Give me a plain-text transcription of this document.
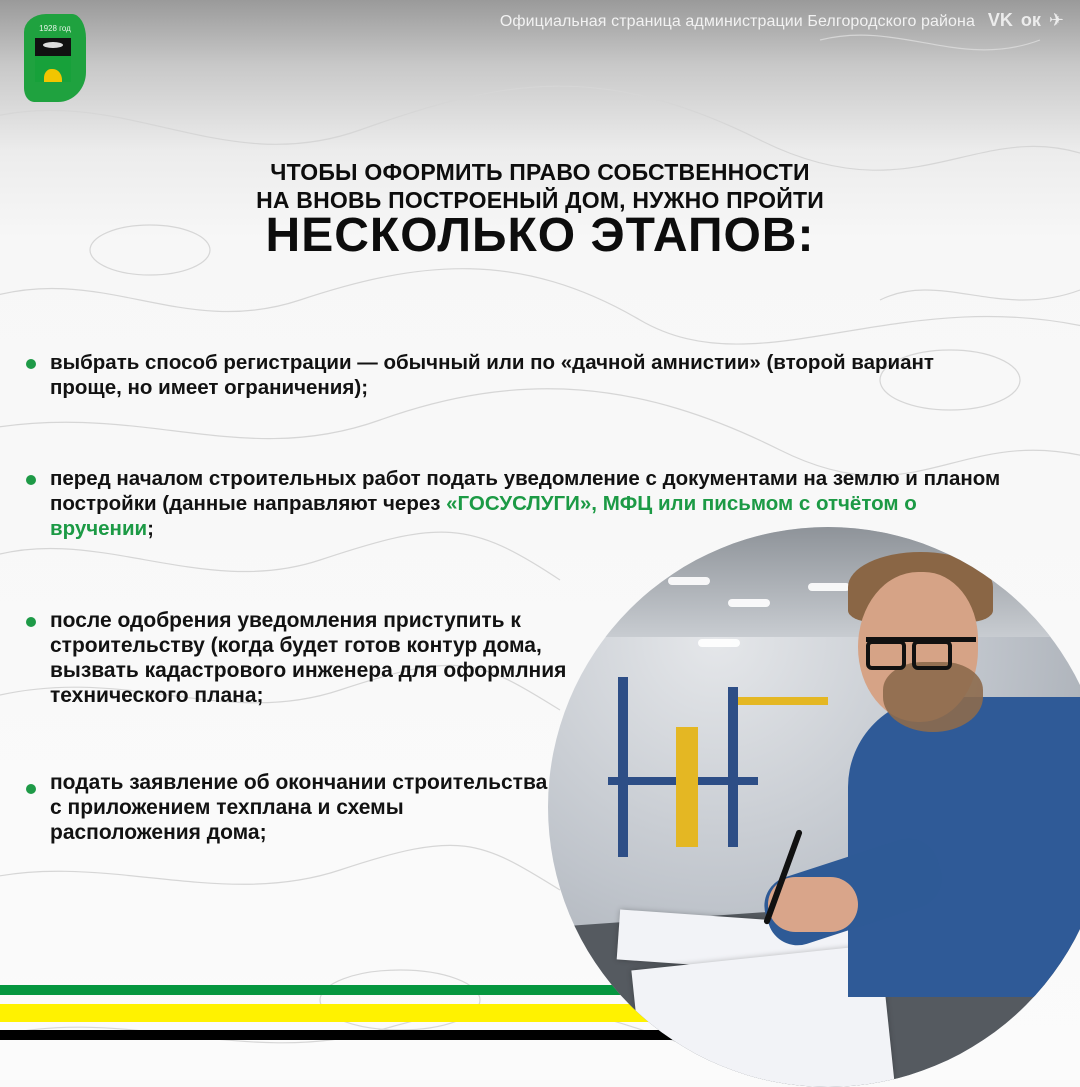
1928 год	Официальная страница администрации Белгородского района VK ок ✈
ЧТОБЫ ОФОРМИТЬ ПРАВО СОБСТВЕННОСТИ
НА ВНОВЬ ПОСТРОЕНЫЙ ДОМ, НУЖНО ПРОЙТИ
НЕСКОЛЬКО ЭТАПОВ:
выбрать способ регистрации — обычный или по «дачной амнистии» (второй вариант проще, но имеет ограничения);
перед началом строительных работ подать уведомление с документами на землю и планом постройки (данные направляют через «ГОСУСЛУГИ», МФЦ или письмом с отчётом о вручении;
после одобрения уведомления приступить к строительству (когда будет готов контур дома, вызвать кадастрового инженера для оформлния технического плана;
подать заявление об окончании строительства с приложением техплана и схемы расположения дома;
